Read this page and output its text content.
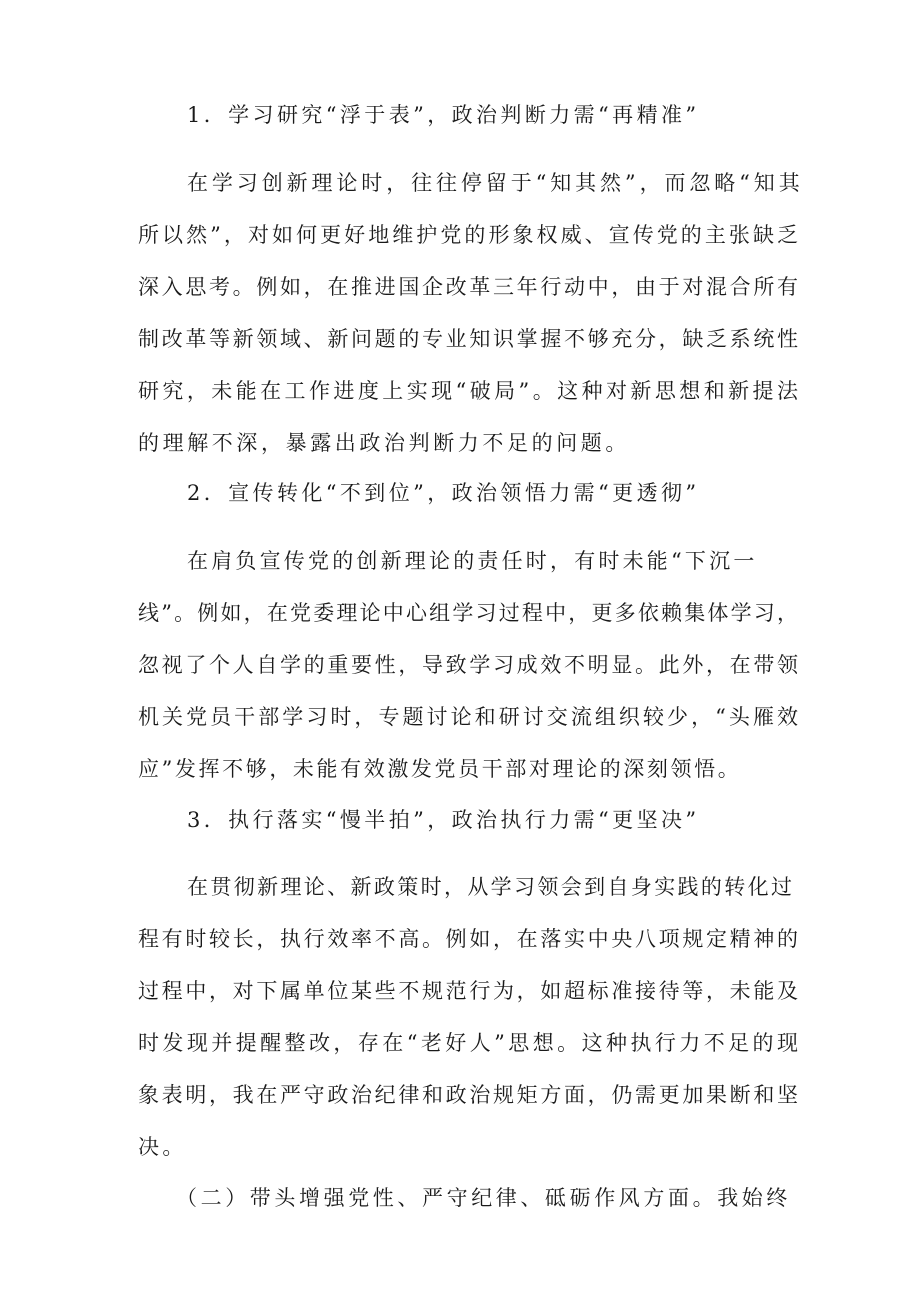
1．学习研究“浮于表”，政治判断力需“再精准”
在学习创新理论时，往往停留于“知其然”，而忽略“知其
所以然”，对如何更好地维护党的形象权威、宣传党的主张缺乏
深入思考。例如，在推进国企改革三年行动中，由于对混合所有
制改革等新领域、新问题的专业知识掌握不够充分，缺乏系统性
研究，未能在工作进度上实现“破局”。这种对新思想和新提法
的理解不深，暴露出政治判断力不足的问题。
2．宣传转化“不到位”，政治领悟力需“更透彻”
在肩负宣传党的创新理论的责任时，有时未能“下沉一
线”。例如，在党委理论中心组学习过程中，更多依赖集体学习，
忽视了个人自学的重要性，导致学习成效不明显。此外，在带领
机关党员干部学习时，专题讨论和研讨交流组织较少，“头雁效
应”发挥不够，未能有效激发党员干部对理论的深刻领悟。
3．执行落实“慢半拍”，政治执行力需“更坚决”
在贯彻新理论、新政策时，从学习领会到自身实践的转化过
程有时较长，执行效率不高。例如，在落实中央八项规定精神的
过程中，对下属单位某些不规范行为，如超标准接待等，未能及
时发现并提醒整改，存在“老好人”思想。这种执行力不足的现
象表明，我在严守政治纪律和政治规矩方面，仍需更加果断和坚
决。
（二）带头增强党性、严守纪律、砥砺作风方面。我始终
